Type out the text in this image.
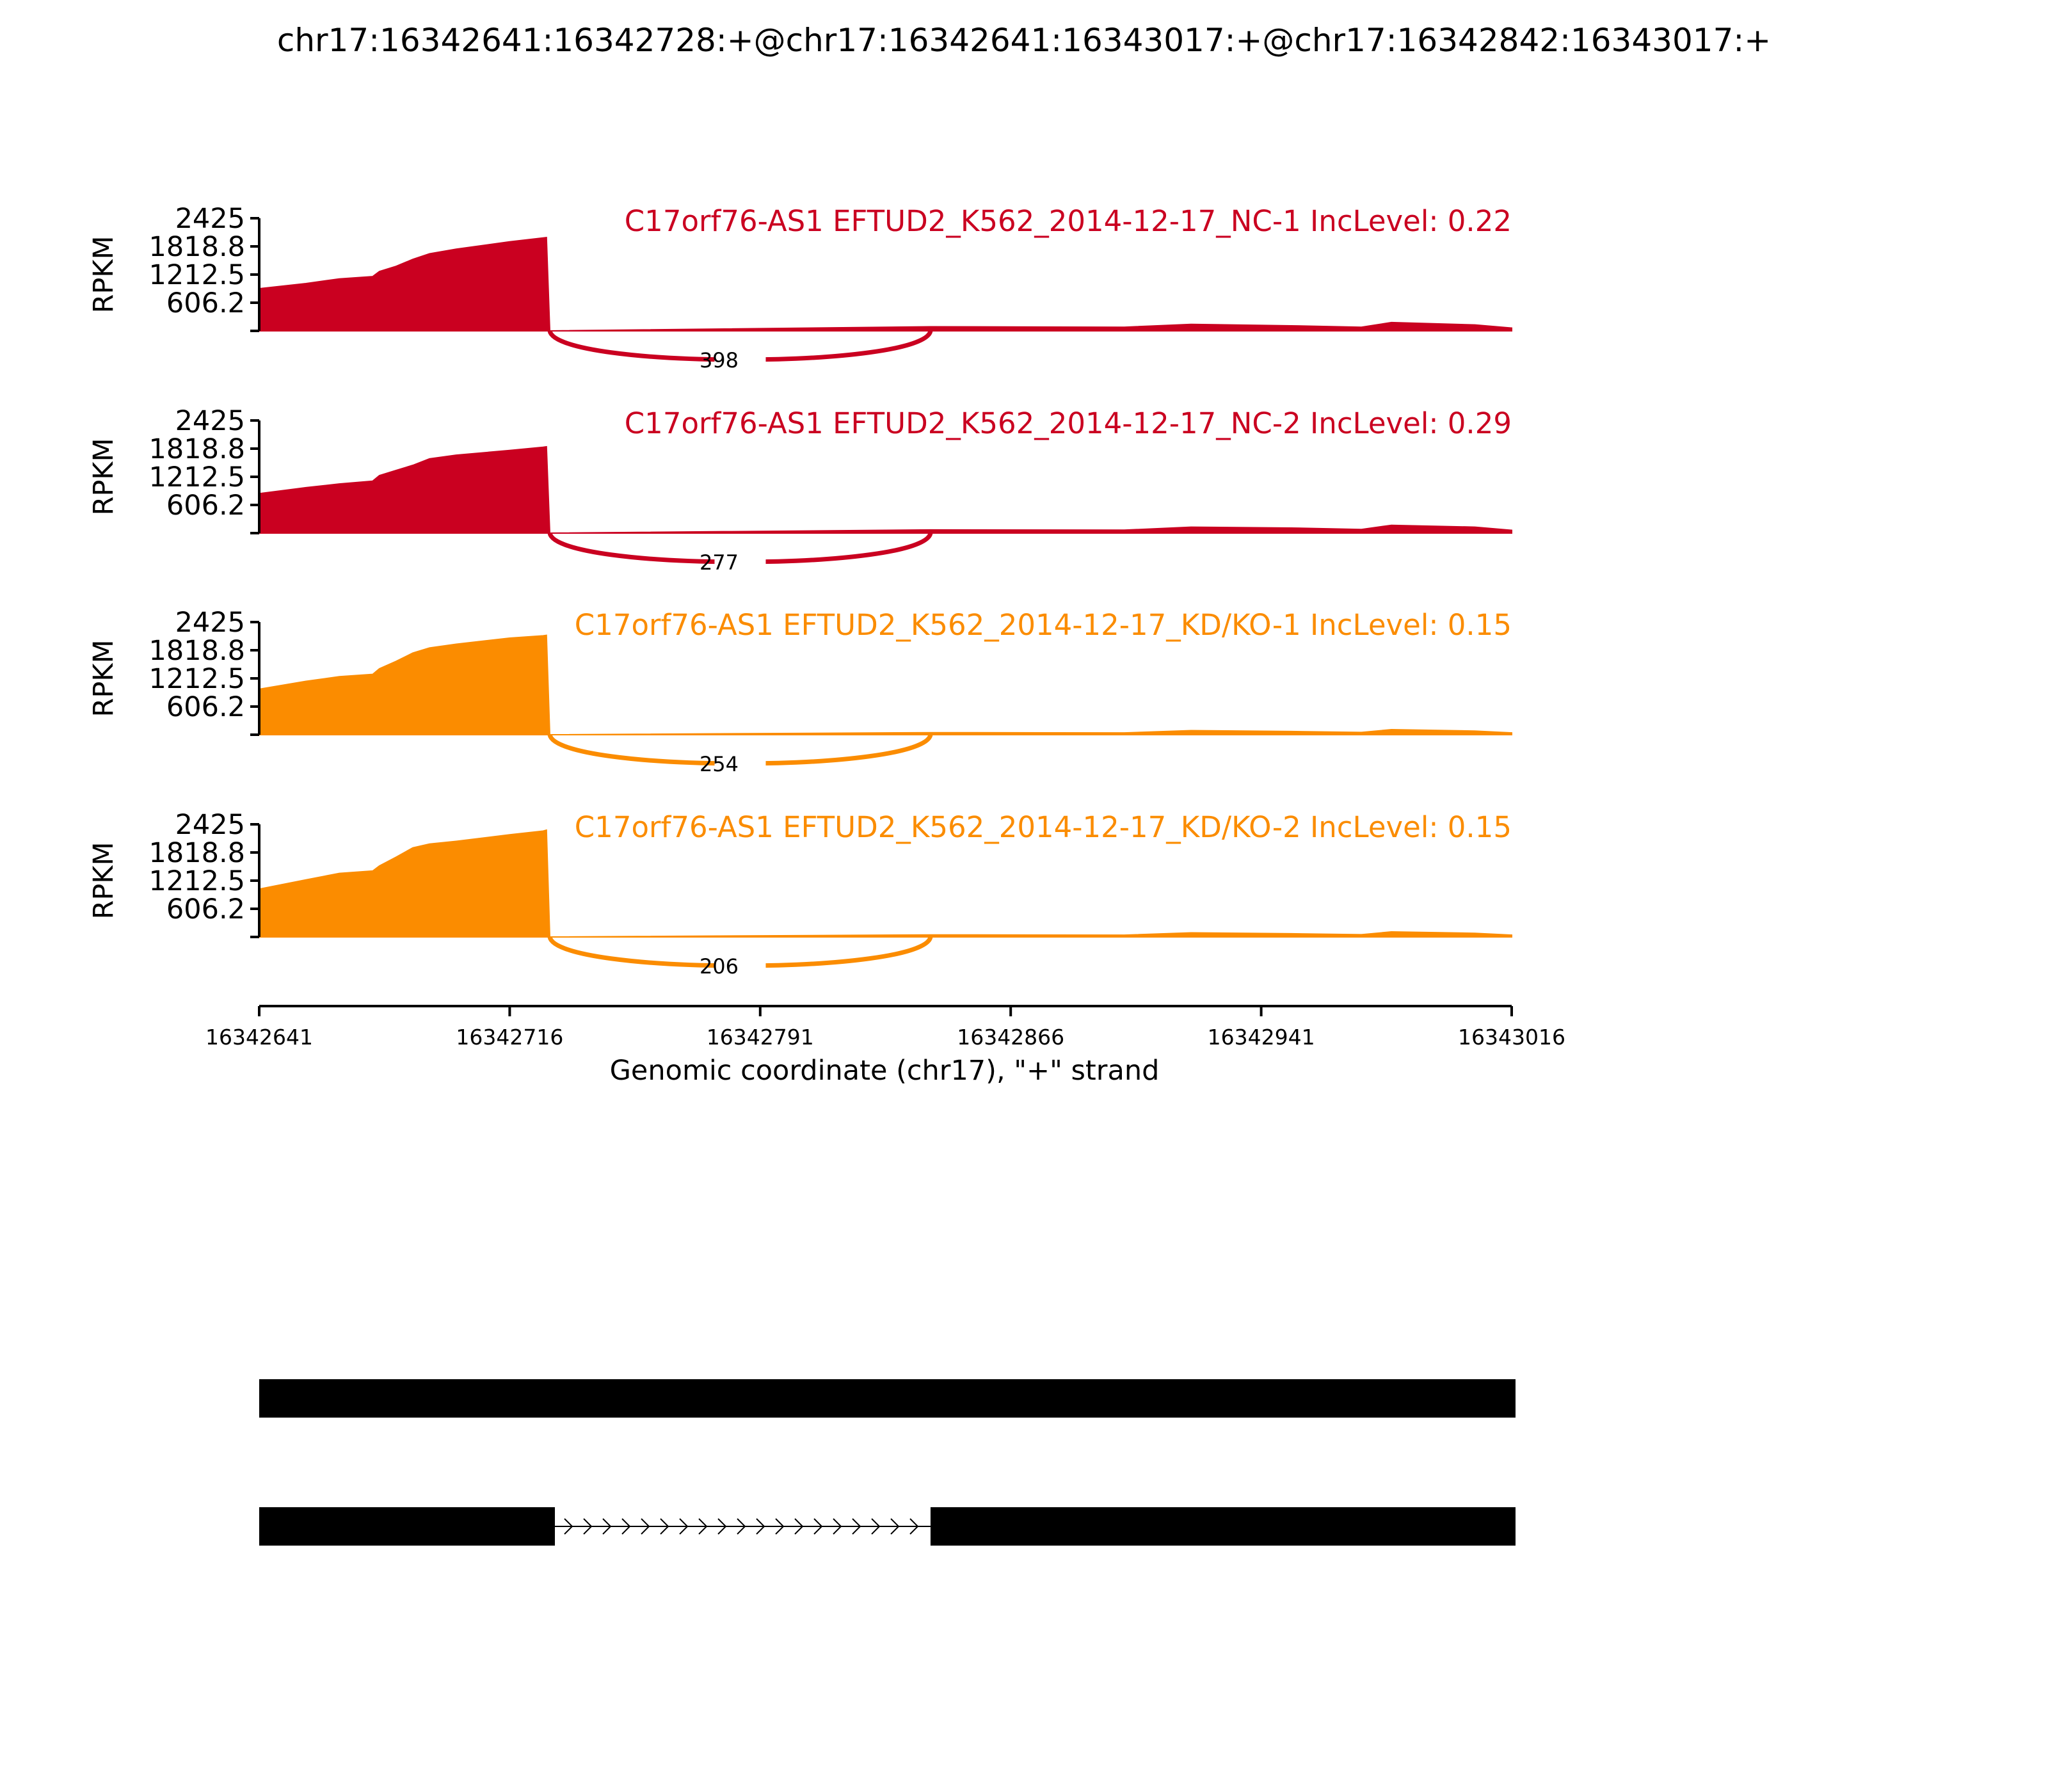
chr17:16342641:16342728:+@chr17:16342641:16343017:+@chr17:16342842:16343017:+
398
606.2
1212.5
1818.8
2425
RPKM
C17orf76-AS1 EFTUD2_K562_2014-12-17_NC-1 IncLevel: 0.22
277
606.2
1212.5
1818.8
2425
RPKM
C17orf76-AS1 EFTUD2_K562_2014-12-17_NC-2 IncLevel: 0.29
254
606.2
1212.5
1818.8
2425
RPKM
C17orf76-AS1 EFTUD2_K562_2014-12-17_KD/KO-1 IncLevel: 0.15
206
606.2
1212.5
1818.8
2425
RPKM
C17orf76-AS1 EFTUD2_K562_2014-12-17_KD/KO-2 IncLevel: 0.15
16342641	16342716	16342791	16342866	16342941	16343016
Genomic coordinate (chr17), "+" strand
